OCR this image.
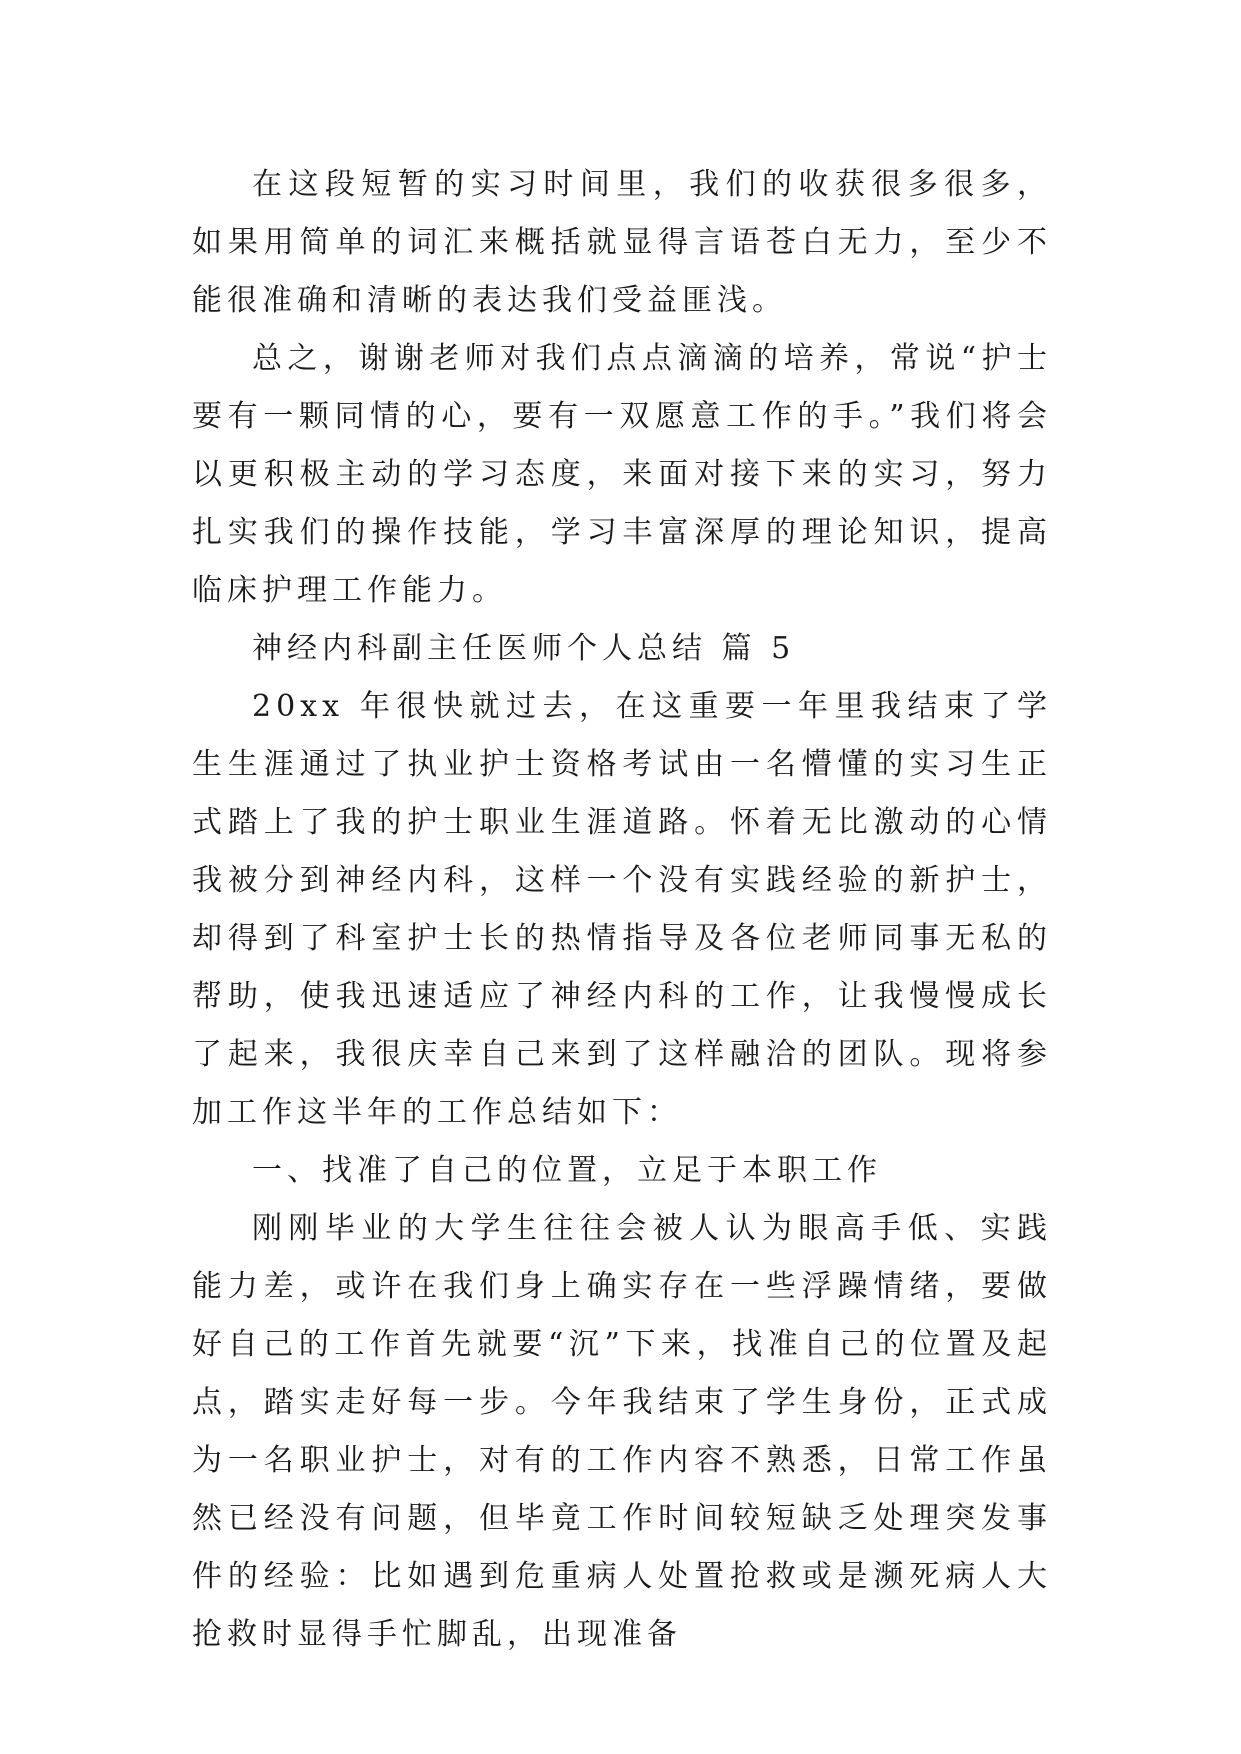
在这段短暂的实习时间里，我们的收获很多很多，如果用简单的词汇来概括就显得言语苍白无力，至少不能很准确和清晰的表达我们受益匪浅。

总之，谢谢老师对我们点点滴滴的培养，常说“护士要有一颗同情的心，要有一双愿意工作的手。”我们将会以更积极主动的学习态度，来面对接下来的实习，努力扎实我们的操作技能，学习丰富深厚的理论知识，提高临床护理工作能力。

神经内科副主任医师个人总结 篇 5

20xx 年很快就过去，在这重要一年里我结束了学生生涯通过了执业护士资格考试由一名懵懂的实习生正式踏上了我的护士职业生涯道路。怀着无比激动的心情我被分到神经内科，这样一个没有实践经验的新护士，却得到了科室护士长的热情指导及各位老师同事无私的帮助，使我迅速适应了神经内科的工作，让我慢慢成长了起来，我很庆幸自己来到了这样融洽的团队。现将参加工作这半年的工作总结如下：

一、找准了自己的位置，立足于本职工作

刚刚毕业的大学生往往会被人认为眼高手低、实践能力差，或许在我们身上确实存在一些浮躁情绪，要做好自己的工作首先就要“沉”下来，找准自己的位置及起点，踏实走好每一步。今年我结束了学生身份，正式成为一名职业护士，对有的工作内容不熟悉，日常工作虽然已经没有问题，但毕竟工作时间较短缺乏处理突发事件的经验：比如遇到危重病人处置抢救或是濒死病人大抢救时显得手忙脚乱，出现准备
